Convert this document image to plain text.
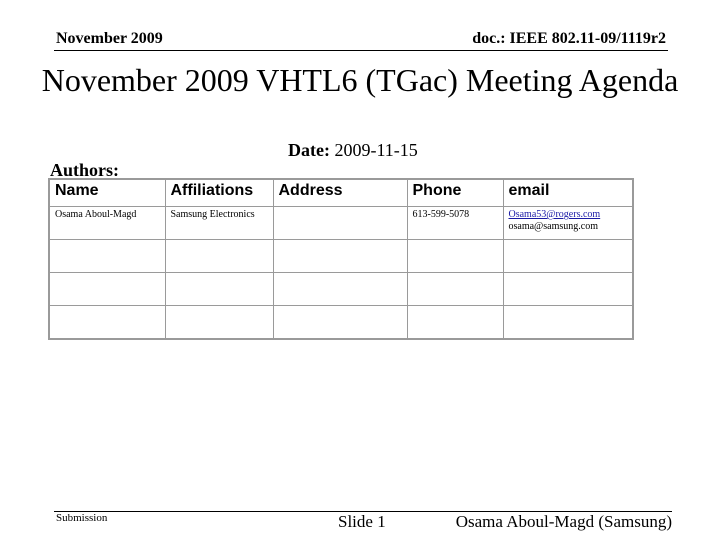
November 2009	doc.: IEEE 802.11-09/1119r2
November 2009 VHTL6 (TGac) Meeting Agenda
Date: 2009-11-15
Authors:
Name	Affiliations	Address	Phone	email
Osama Aboul-Magd	Samsung Electronics		613-599-5078	Osama53@rogers.com
osama@samsung.com

Submission	Slide 1	Osama Aboul-Magd (Samsung)
